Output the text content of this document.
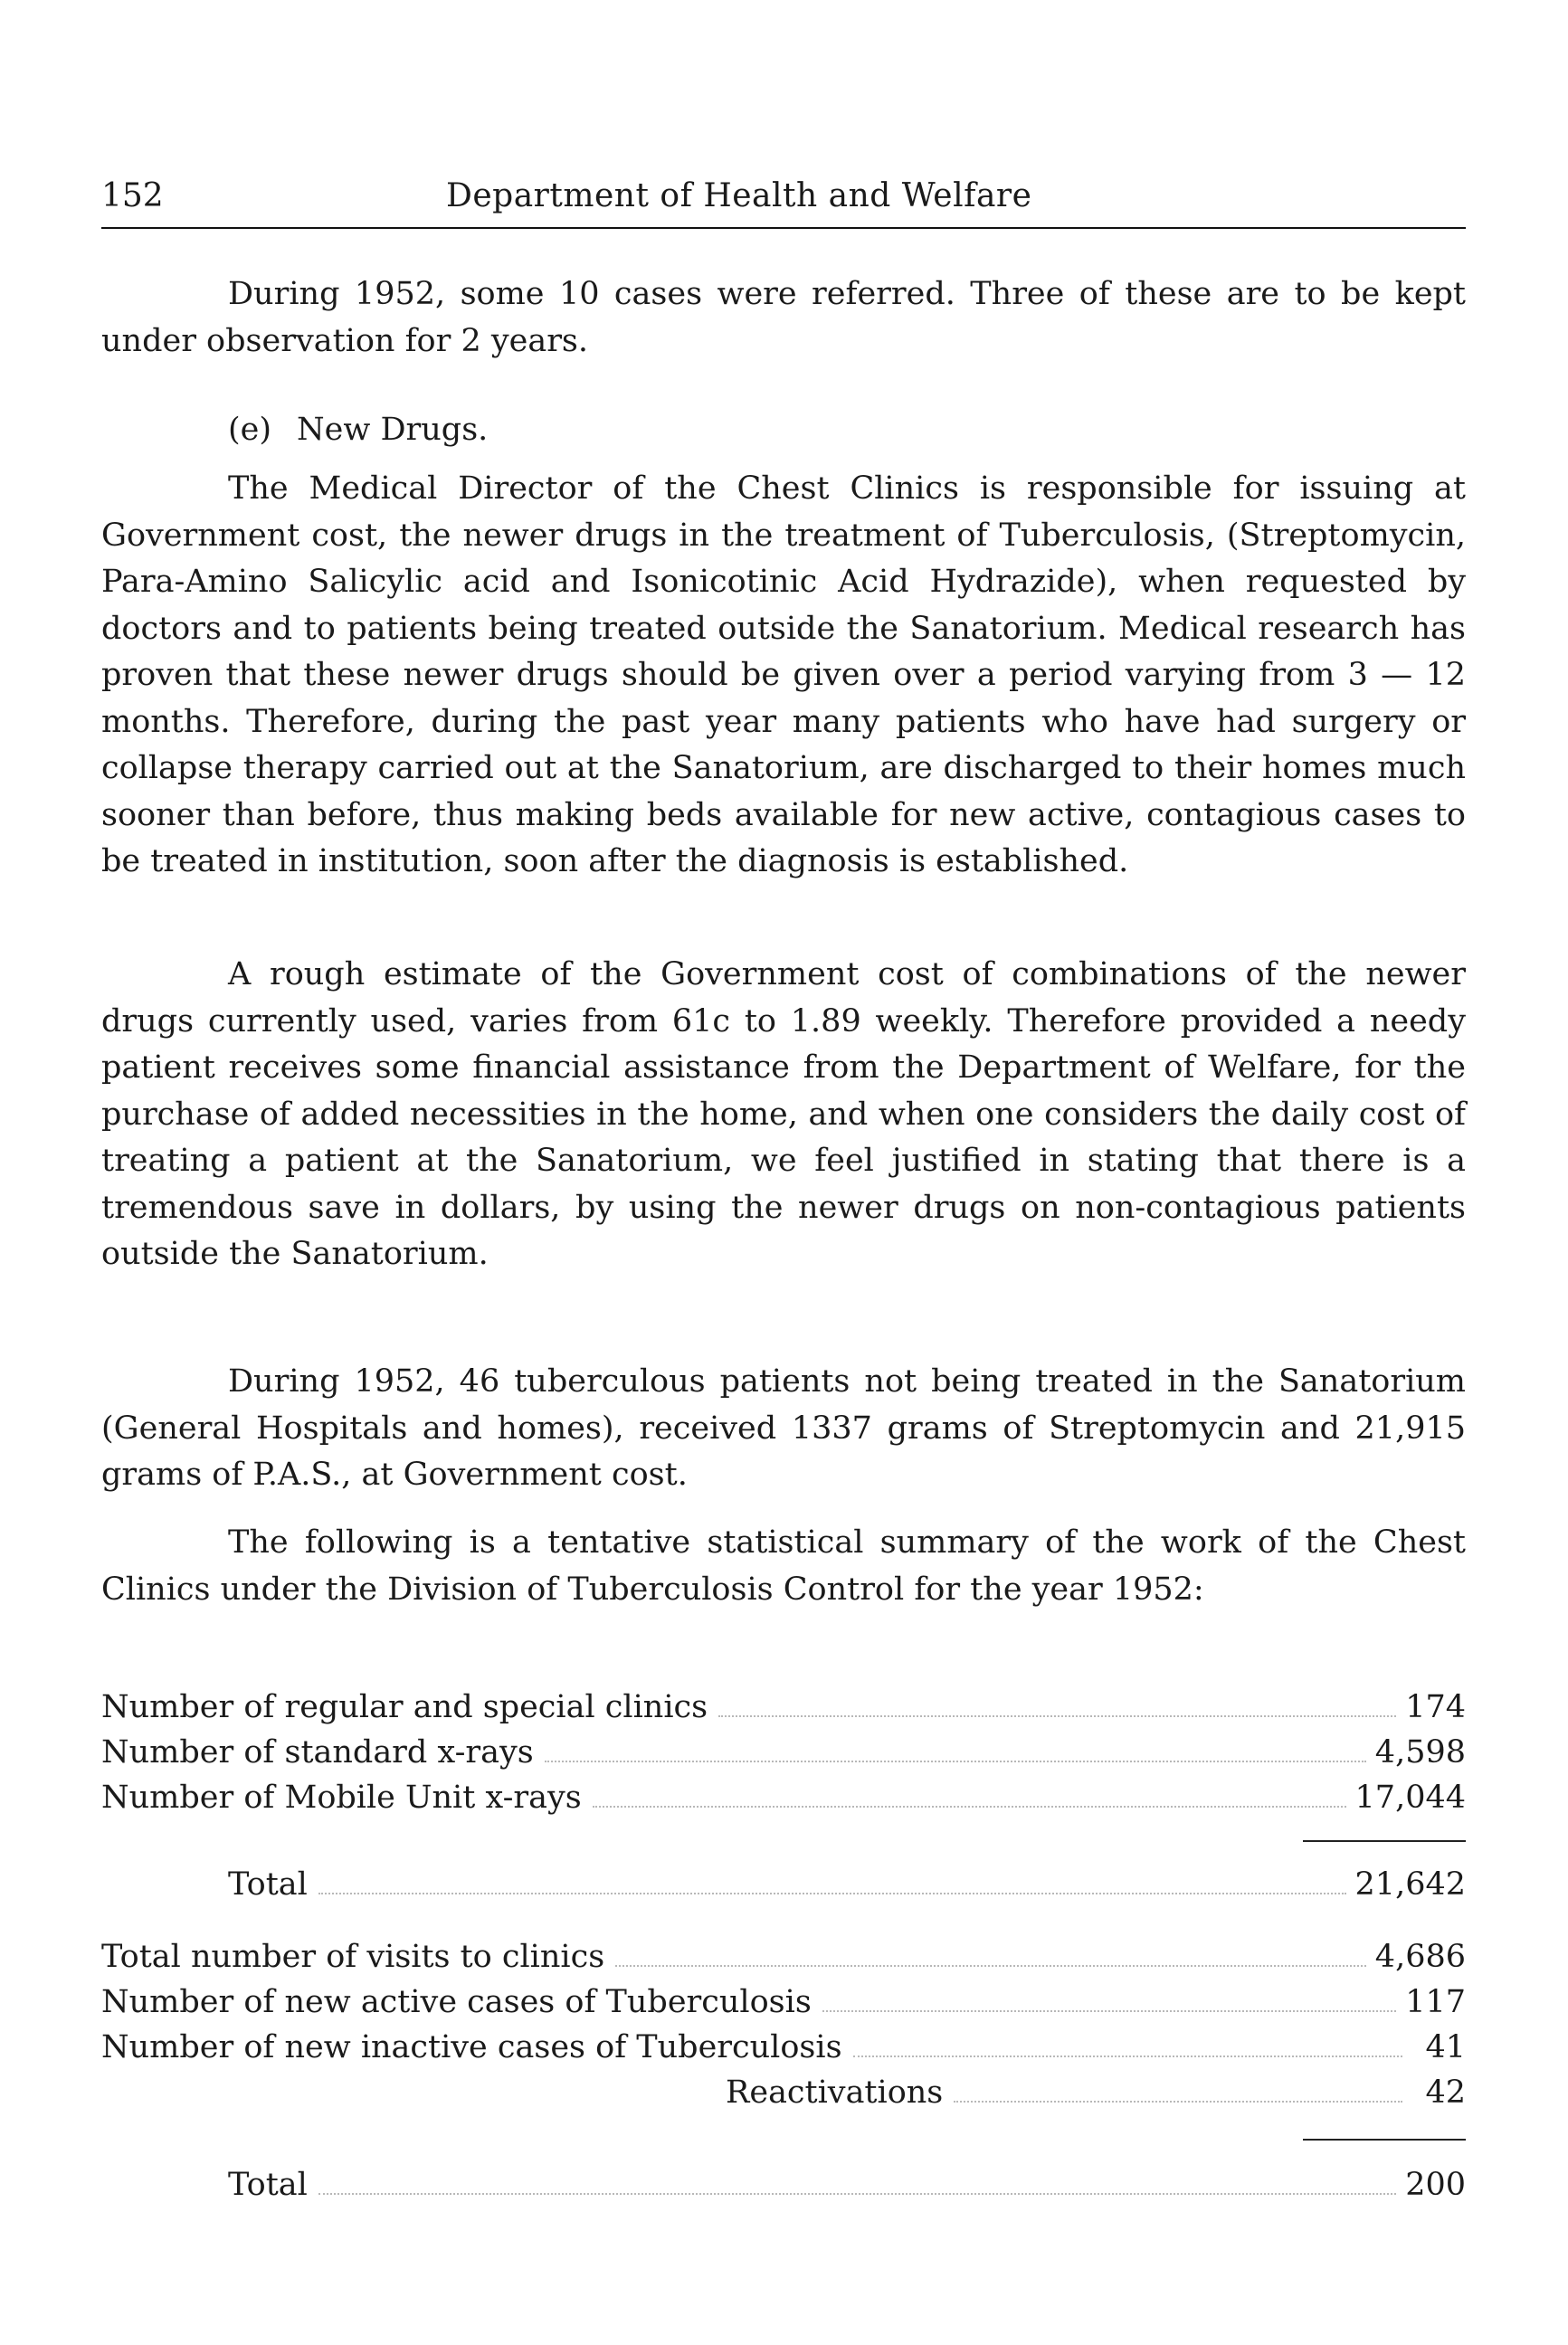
152	Department of Health and Welfare

During 1952, some 10 cases were referred. Three of these are to be kept under observation for 2 years.

(e) New Drugs.

The Medical Director of the Chest Clinics is responsible for issuing at Government cost, the newer drugs in the treatment of Tuberculosis, (Streptomycin, Para-Amino Salicylic acid and Isonicotinic Acid Hydrazide), when requested by doctors and to patients being treated outside the Sanatorium. Medical research has proven that these newer drugs should be given over a period varying from 3 — 12 months. Therefore, during the past year many patients who have had surgery or collapse therapy carried out at the Sanatorium, are discharged to their homes much sooner than before, thus making beds available for new active, contagious cases to be treated in institution, soon after the diagnosis is established.

A rough estimate of the Government cost of combinations of the newer drugs currently used, varies from 61c to 1.89 weekly. Therefore provided a needy patient receives some financial assistance from the Department of Welfare, for the purchase of added necessities in the home, and when one considers the daily cost of treating a patient at the Sanatorium, we feel justified in stating that there is a tremendous save in dollars, by using the newer drugs on non-contagious patients outside the Sanatorium.

During 1952, 46 tuberculous patients not being treated in the Sanatorium (General Hospitals and homes), received 1337 grams of Streptomycin and 21,915 grams of P.A.S., at Government cost.

The following is a tentative statistical summary of the work of the Chest Clinics under the Division of Tuberculosis Control for the year 1952:

Number of regular and special clinics	174
Number of standard x-rays	4,598
Number of Mobile Unit x-rays	17,044
Total	21,642
Total number of visits to clinics	4,686
Number of new active cases of Tuberculosis	117
Number of new inactive cases of Tuberculosis	41
Reactivations	42
Total	200
